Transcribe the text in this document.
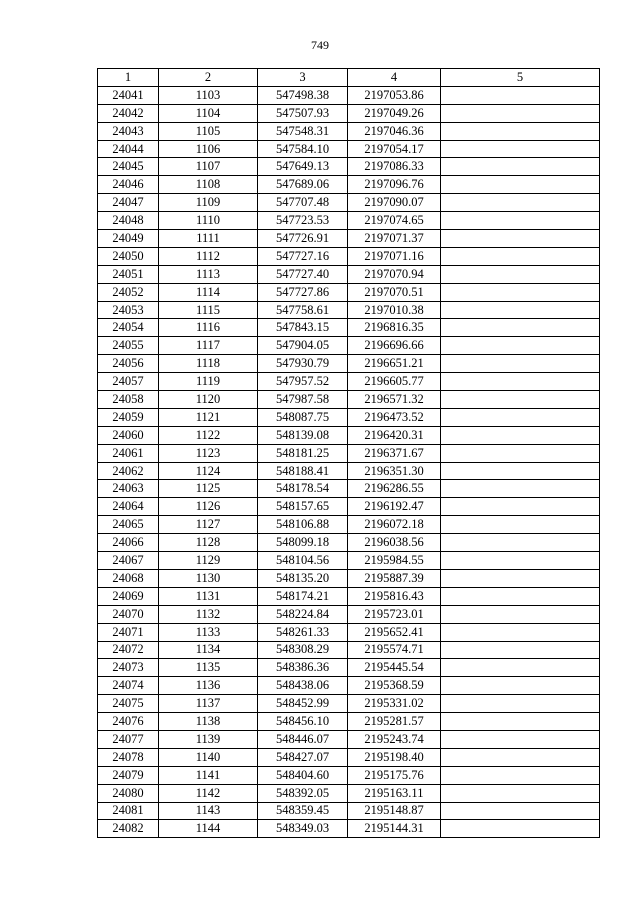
749
1	2	3	4	5
24041	1103	547498.38	2197053.86	
24042	1104	547507.93	2197049.26	
24043	1105	547548.31	2197046.36	
24044	1106	547584.10	2197054.17	
24045	1107	547649.13	2197086.33	
24046	1108	547689.06	2197096.76	
24047	1109	547707.48	2197090.07	
24048	1110	547723.53	2197074.65	
24049	1111	547726.91	2197071.37	
24050	1112	547727.16	2197071.16	
24051	1113	547727.40	2197070.94	
24052	1114	547727.86	2197070.51	
24053	1115	547758.61	2197010.38	
24054	1116	547843.15	2196816.35	
24055	1117	547904.05	2196696.66	
24056	1118	547930.79	2196651.21	
24057	1119	547957.52	2196605.77	
24058	1120	547987.58	2196571.32	
24059	1121	548087.75	2196473.52	
24060	1122	548139.08	2196420.31	
24061	1123	548181.25	2196371.67	
24062	1124	548188.41	2196351.30	
24063	1125	548178.54	2196286.55	
24064	1126	548157.65	2196192.47	
24065	1127	548106.88	2196072.18	
24066	1128	548099.18	2196038.56	
24067	1129	548104.56	2195984.55	
24068	1130	548135.20	2195887.39	
24069	1131	548174.21	2195816.43	
24070	1132	548224.84	2195723.01	
24071	1133	548261.33	2195652.41	
24072	1134	548308.29	2195574.71	
24073	1135	548386.36	2195445.54	
24074	1136	548438.06	2195368.59	
24075	1137	548452.99	2195331.02	
24076	1138	548456.10	2195281.57	
24077	1139	548446.07	2195243.74	
24078	1140	548427.07	2195198.40	
24079	1141	548404.60	2195175.76	
24080	1142	548392.05	2195163.11	
24081	1143	548359.45	2195148.87	
24082	1144	548349.03	2195144.31	
